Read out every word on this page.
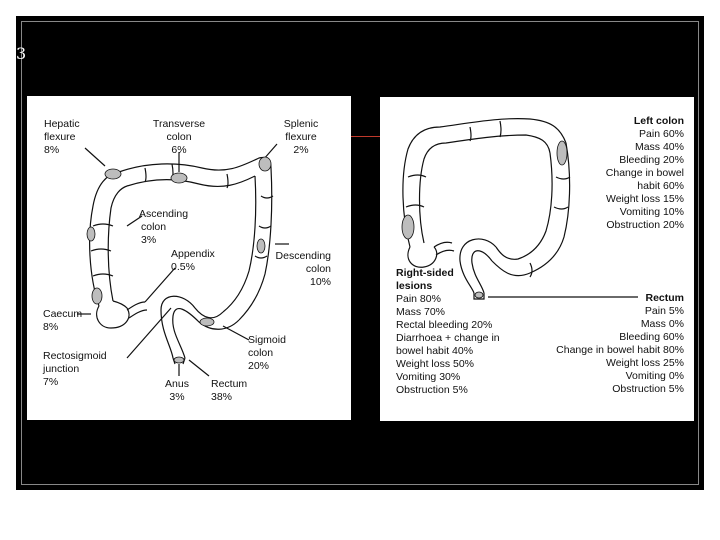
3
Hepatic
flexure
8%
Transverse
colon
6%
Splenic
flexure
2%
Ascending
colon
3%
Appendix
0.5%
Descending
colon
10%
Caecum
8%
Rectosigmoid
junction
7%
Sigmoid
colon
20%
Anus
3%
Rectum
38%
Left colon
Pain 60%
Mass 40%
Bleeding 20%
Change in bowel
habit 60%
Weight loss 15%
Vomiting 10%
Obstruction 20%
Right-sided
lesions
Pain 80%
Mass 70%
Rectal bleeding 20%
Diarrhoea + change in
bowel habit 40%
Weight loss 50%
Vomiting 30%
Obstruction 5%
Rectum
Pain 5%
Mass 0%
Bleeding 60%
Change in bowel habit 80%
Weight loss 25%
Vomiting 0%
Obstruction 5%
